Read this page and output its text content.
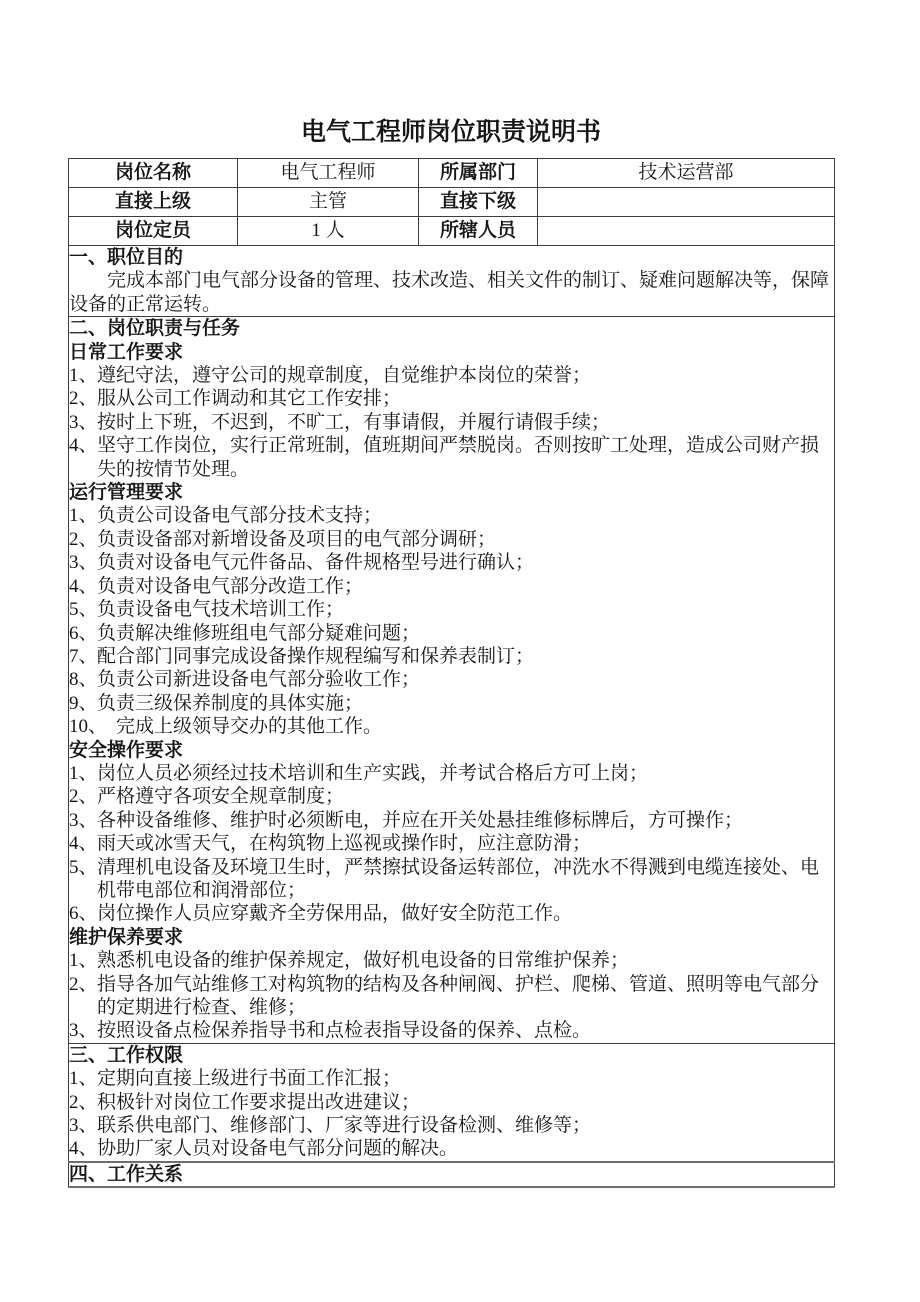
电气工程师岗位职责说明书
岗位名称	电气工程师	所属部门	技术运营部
直接上级	主管	直接下级	
岗位定员	1 人	所辖人员	

一、职位目的
完成本部门电气部分设备的管理、技术改造、相关文件的制订、疑难问题解决等，保障设备的正常运转。			

二、岗位职责与任务
日常工作要求
1、 遵纪守法，遵守公司的规章制度，自觉维护本岗位的荣誉；
2、 服从公司工作调动和其它工作安排；
3、 按时上下班，不迟到，不旷工，有事请假，并履行请假手续；
4、 坚守工作岗位，实行正常班制，值班期间严禁脱岗。否则按旷工处理，造成公司财产损失的按情节处理。
运行管理要求
1、 负责公司设备电气部分技术支持；
2、 负责设备部对新增设备及项目的电气部分调研；
3、 负责对设备电气元件备品、备件规格型号进行确认；
4、 负责对设备电气部分改造工作；
5、 负责设备电气技术培训工作；
6、 负责解决维修班组电气部分疑难问题；
7、 配合部门同事完成设备操作规程编写和保养表制订；
8、 负责公司新进设备电气部分验收工作；
9、 负责三级保养制度的具体实施；
10、
　完成上级领导交办的其他工作。
安全操作要求
1、 岗位人员必须经过技术培训和生产实践，并考试合格后方可上岗；
2、 严格遵守各项安全规章制度；
3、 各种设备维修、维护时必须断电，并应在开关处悬挂维修标牌后，方可操作；
4、 雨天或冰雪天气，在构筑物上巡视或操作时，应注意防滑；
5、 清理机电设备及环境卫生时，严禁擦拭设备运转部位，冲洗水不得溅到电缆连接处、电机带电部位和润滑部位；
6、 岗位操作人员应穿戴齐全劳保用品，做好安全防范工作。
维护保养要求
1、 熟悉机电设备的维护保养规定，做好机电设备的日常维护保养；
2、 指导各加气站维修工对构筑物的结构及各种闸阀、护栏、爬梯、管道、照明等电气部分的定期进行检查、维修；
3、 按照设备点检保养指导书和点检表指导设备的保养、点检。

三、工作权限
1、 定期向直接上级进行书面工作汇报；
2、 积极针对岗位工作要求提出改进建议；
3、 联系供电部门、维修部门、厂家等进行设备检测、维修等；
4、 协助厂家人员对设备电气部分问题的解决。

四、工作关系			
